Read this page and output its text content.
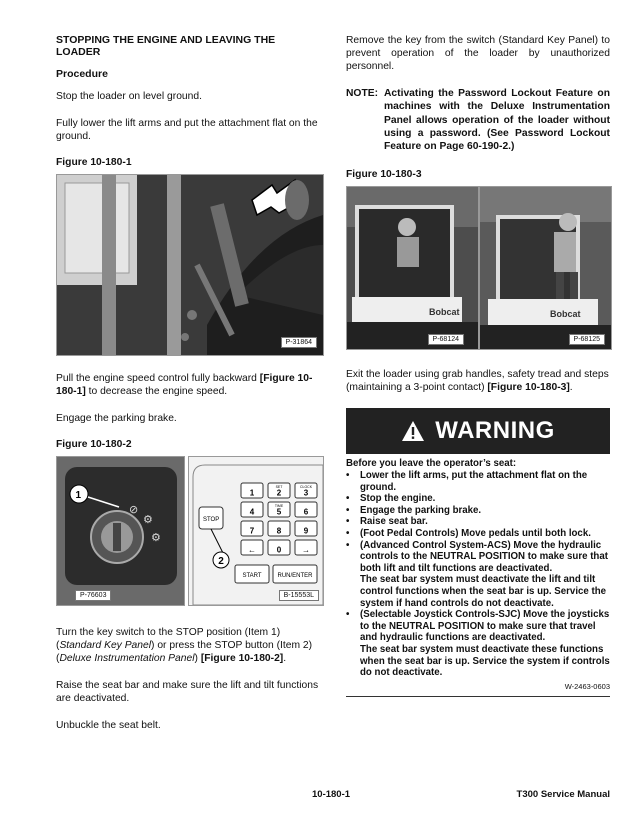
STOPPING THE ENGINE AND LEAVING THE LOADER
Procedure

Stop the loader on level ground.

Fully lower the lift arms and put the attachment flat on the ground.

Figure 10-180-1
P-31864

Pull the engine speed control fully backward [Figure 10-180-1] to decrease the engine speed.

Engage the parking brake.

Figure 10-180-2
⊘
⚙
⚙
1
P-76603
STOP
1
SET
2
CLOCK
3
4
TIME
5	6
7	8	9
←	0	→
START	RUN/ENTER
2
B-15553L

Turn the key switch to the STOP position (Item 1) (Standard Key Panel) or press the STOP button (Item 2) (Deluxe Instrumentation Panel) [Figure 10-180-2].

Raise the seat bar and make sure the lift and tilt functions are deactivated.

Unbuckle the seat belt.

Remove the key from the switch (Standard Key Panel) to prevent operation of the loader by unauthorized personnel.

NOTE: Activating the Password Lockout Feature on machines with the Deluxe Instrumentation Panel allows operation of the loader without using a password. (See Password Lockout Feature on Page 60-190-2.)
Figure 10-180-3
Bobcat
P-68124
Bobcat
P-68125

Exit the loader using grab handles, safety tread and steps (maintaining a 3-point contact) [Figure 10-180-3].

WARNING
Before you leave the operator’s seat:
• Lower the lift arms, put the attachment flat on the ground.
• Stop the engine.
• Engage the parking brake.
• Raise seat bar.
• (Foot Pedal Controls) Move pedals until both lock.
• (Advanced Control System-ACS) Move the hydraulic controls to the NEUTRAL POSITION to make sure that both lift and tilt functions are deactivated.
The seat bar system must deactivate the lift and tilt control functions when the seat bar is up. Service the system if hand controls do not deactivate.
• (Selectable Joystick Controls-SJC) Move the joysticks to the NEUTRAL POSITION to make sure that travel and hydraulic functions are deactivated.
The seat bar system must deactivate these functions when the seat bar is up. Service the system if controls do not deactivate.
W-2463-0603
10-180-1	T300 Service Manual
